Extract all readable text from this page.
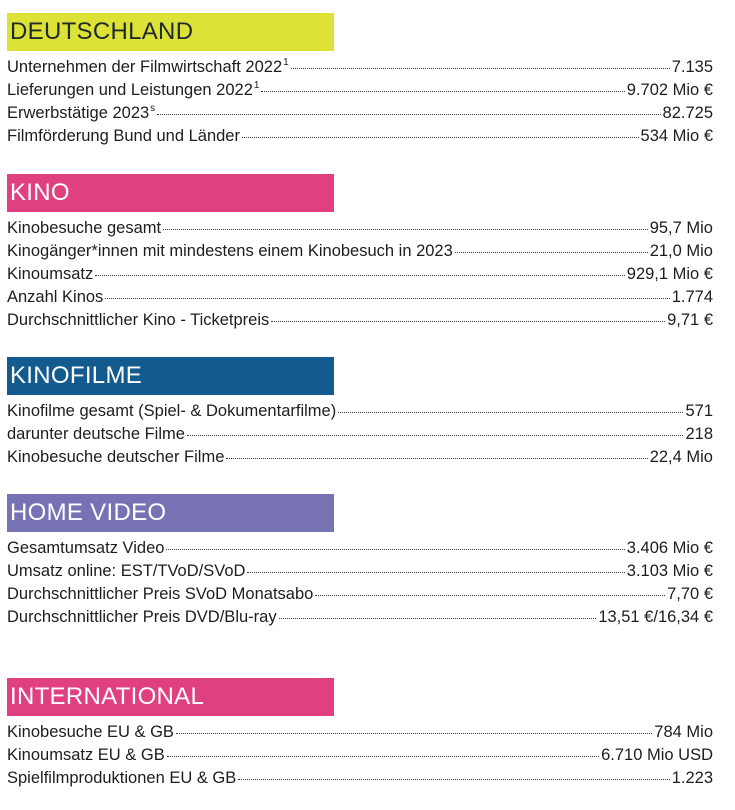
DEUTSCHLAND
Unternehmen der Filmwirtschaft 2022$^1$	7.135
Lieferungen und Leistungen 2022$^1$	9.702 Mio €
Erwerbstätige 2023$^s$	82.725
Filmförderung Bund und Länder	534 Mio €
KINO
Kinobesuche gesamt	95,7 Mio
Kinogänger*innen mit mindestens einem Kinobesuch in 2023	21,0 Mio
Kinoumsatz	929,1 Mio €
Anzahl Kinos	1.774
Durchschnittlicher Kino - Ticketpreis	9,71 €
KINOFILME
Kinofilme gesamt (Spiel- & Dokumentarfilme)	571
darunter deutsche Filme	218
Kinobesuche deutscher Filme	22,4 Mio
HOME VIDEO
Gesamtumsatz Video	3.406 Mio €
Umsatz online: EST/TVoD/SVoD	3.103 Mio €
Durchschnittlicher Preis SVoD Monatsabo	7,70 €
Durchschnittlicher Preis DVD/Blu-ray	13,51 €/16,34 €
INTERNATIONAL
Kinobesuche EU & GB	784 Mio
Kinoumsatz EU & GB	6.710 Mio USD
Spielfilmproduktionen EU & GB	1.223
